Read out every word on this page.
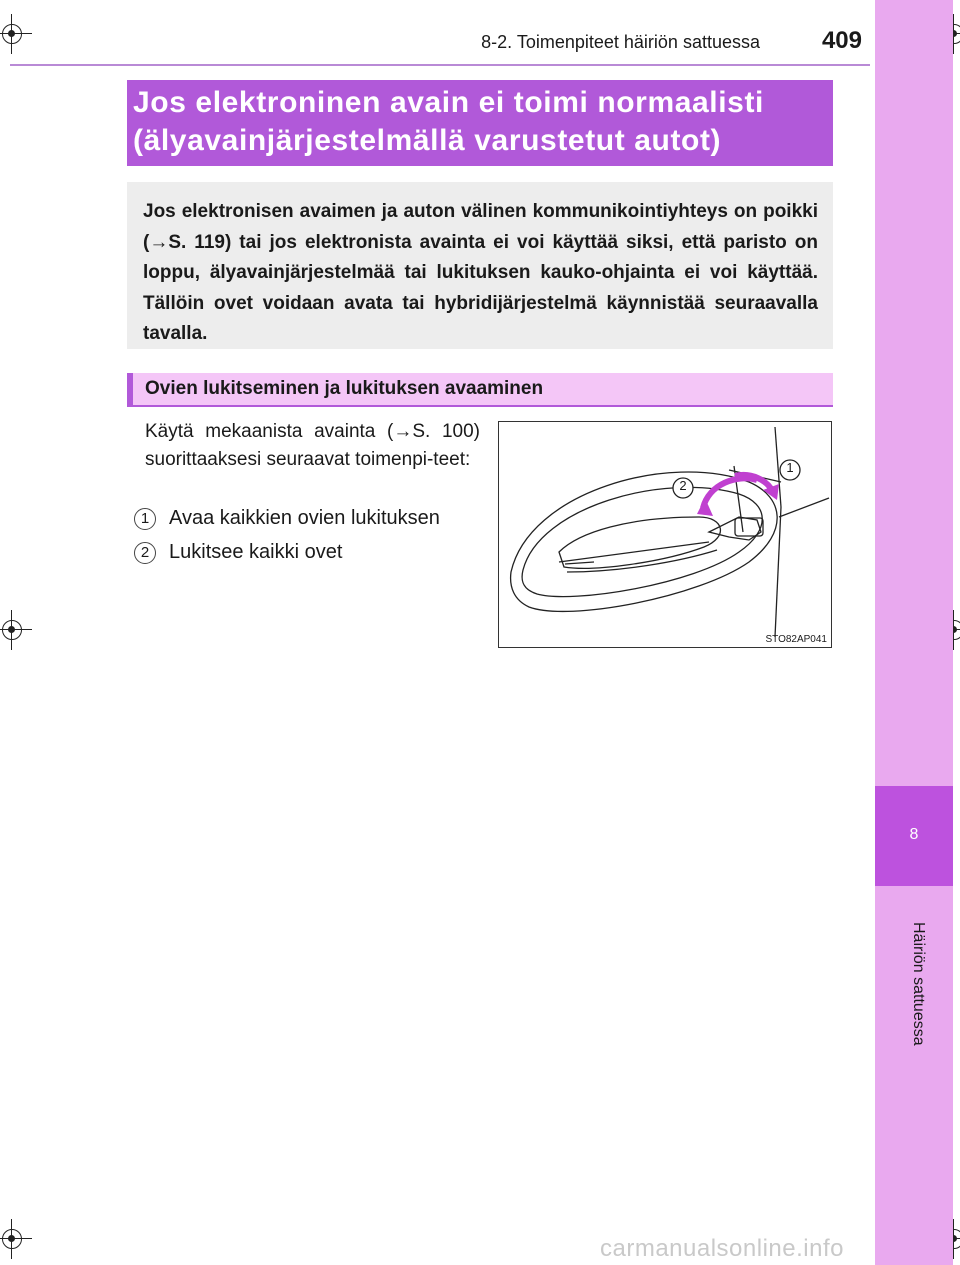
8
Häiriön sattuessa
8-2. Toimenpiteet häiriön sattuessa	409
Jos elektroninen avain ei toimi normaalisti
(älyavainjärjestelmällä varustetut autot)
Jos elektronisen avaimen ja auton välinen kommunikointiyhteys on poikki (→S. 119) tai jos elektronista avainta ei voi käyttää siksi, että paristo on loppu, älyavainjärjestelmää tai lukituksen kauko-ohjainta ei voi käyttää. Tällöin ovet voidaan avata tai hybridijärjestelmä käynnistää seuraavalla tavalla.
Ovien lukitseminen ja lukituksen avaaminen
Käytä mekaanista avainta (→S. 100) suorittaaksesi seuraavat toimenpi-teet:
1 Avaa kaikkien ovien lukituksen
2 Lukitsee kaikki ovet
2
1
STO82AP041
carmanualsonline.info
